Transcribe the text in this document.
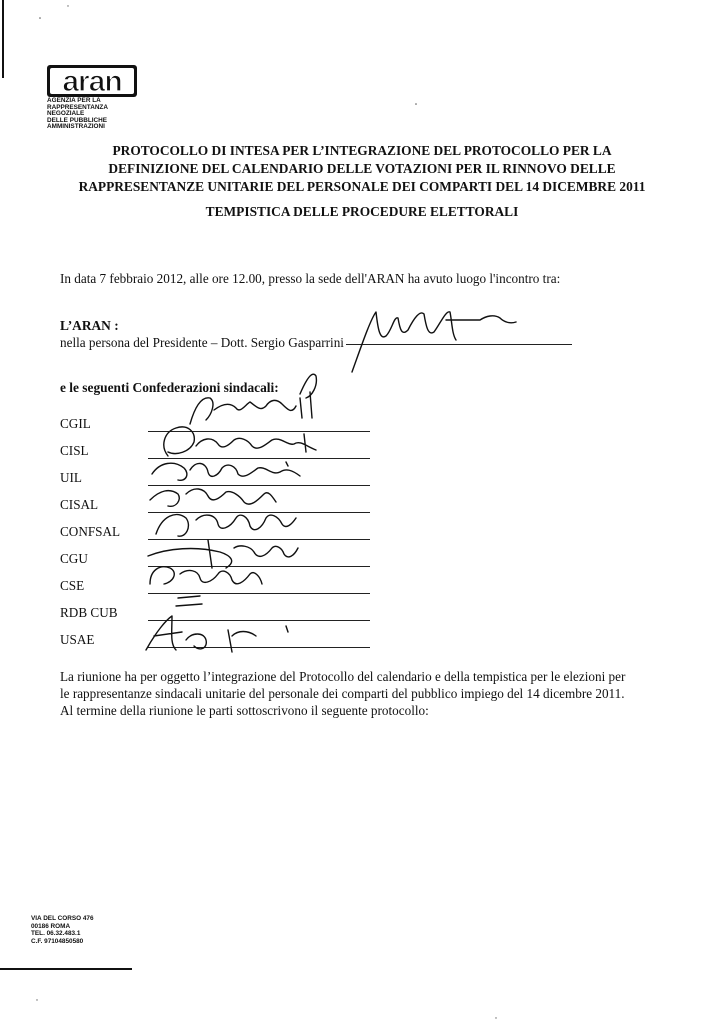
aran
AGENZIA PER LA
RAPPRESENTANZA
NEGOZIALE
DELLE PUBBLICHE
AMMINISTRAZIONI
PROTOCOLLO DI INTESA PER L’INTEGRAZIONE DEL PROTOCOLLO PER LA
DEFINIZIONE DEL CALENDARIO DELLE VOTAZIONI PER IL RINNOVO DELLE
RAPPRESENTANZE UNITARIE DEL PERSONALE DEI COMPARTI DEL 14 DICEMBRE 2011
TEMPISTICA DELLE PROCEDURE ELETTORALI
In data 7 febbraio 2012, alle ore 12.00, presso la sede dell'ARAN ha avuto luogo l'incontro tra:
L’ARAN :
nella persona del Presidente – Dott. Sergio Gasparrini
e le seguenti Confederazioni sindacali:
CGIL
CISL
UIL
CISAL
CONFSAL
CGU
CSE
RDB CUB
USAE
La riunione ha per oggetto l’integrazione del Protocollo del calendario e della tempistica per le elezioni per
le rappresentanze sindacali unitarie del personale dei comparti del pubblico impiego del 14 dicembre 2011.
Al termine della riunione le parti sottoscrivono il seguente protocollo:
VIA DEL CORSO 476
00186 ROMA
TEL. 06.32.483.1
C.F. 97104850580
